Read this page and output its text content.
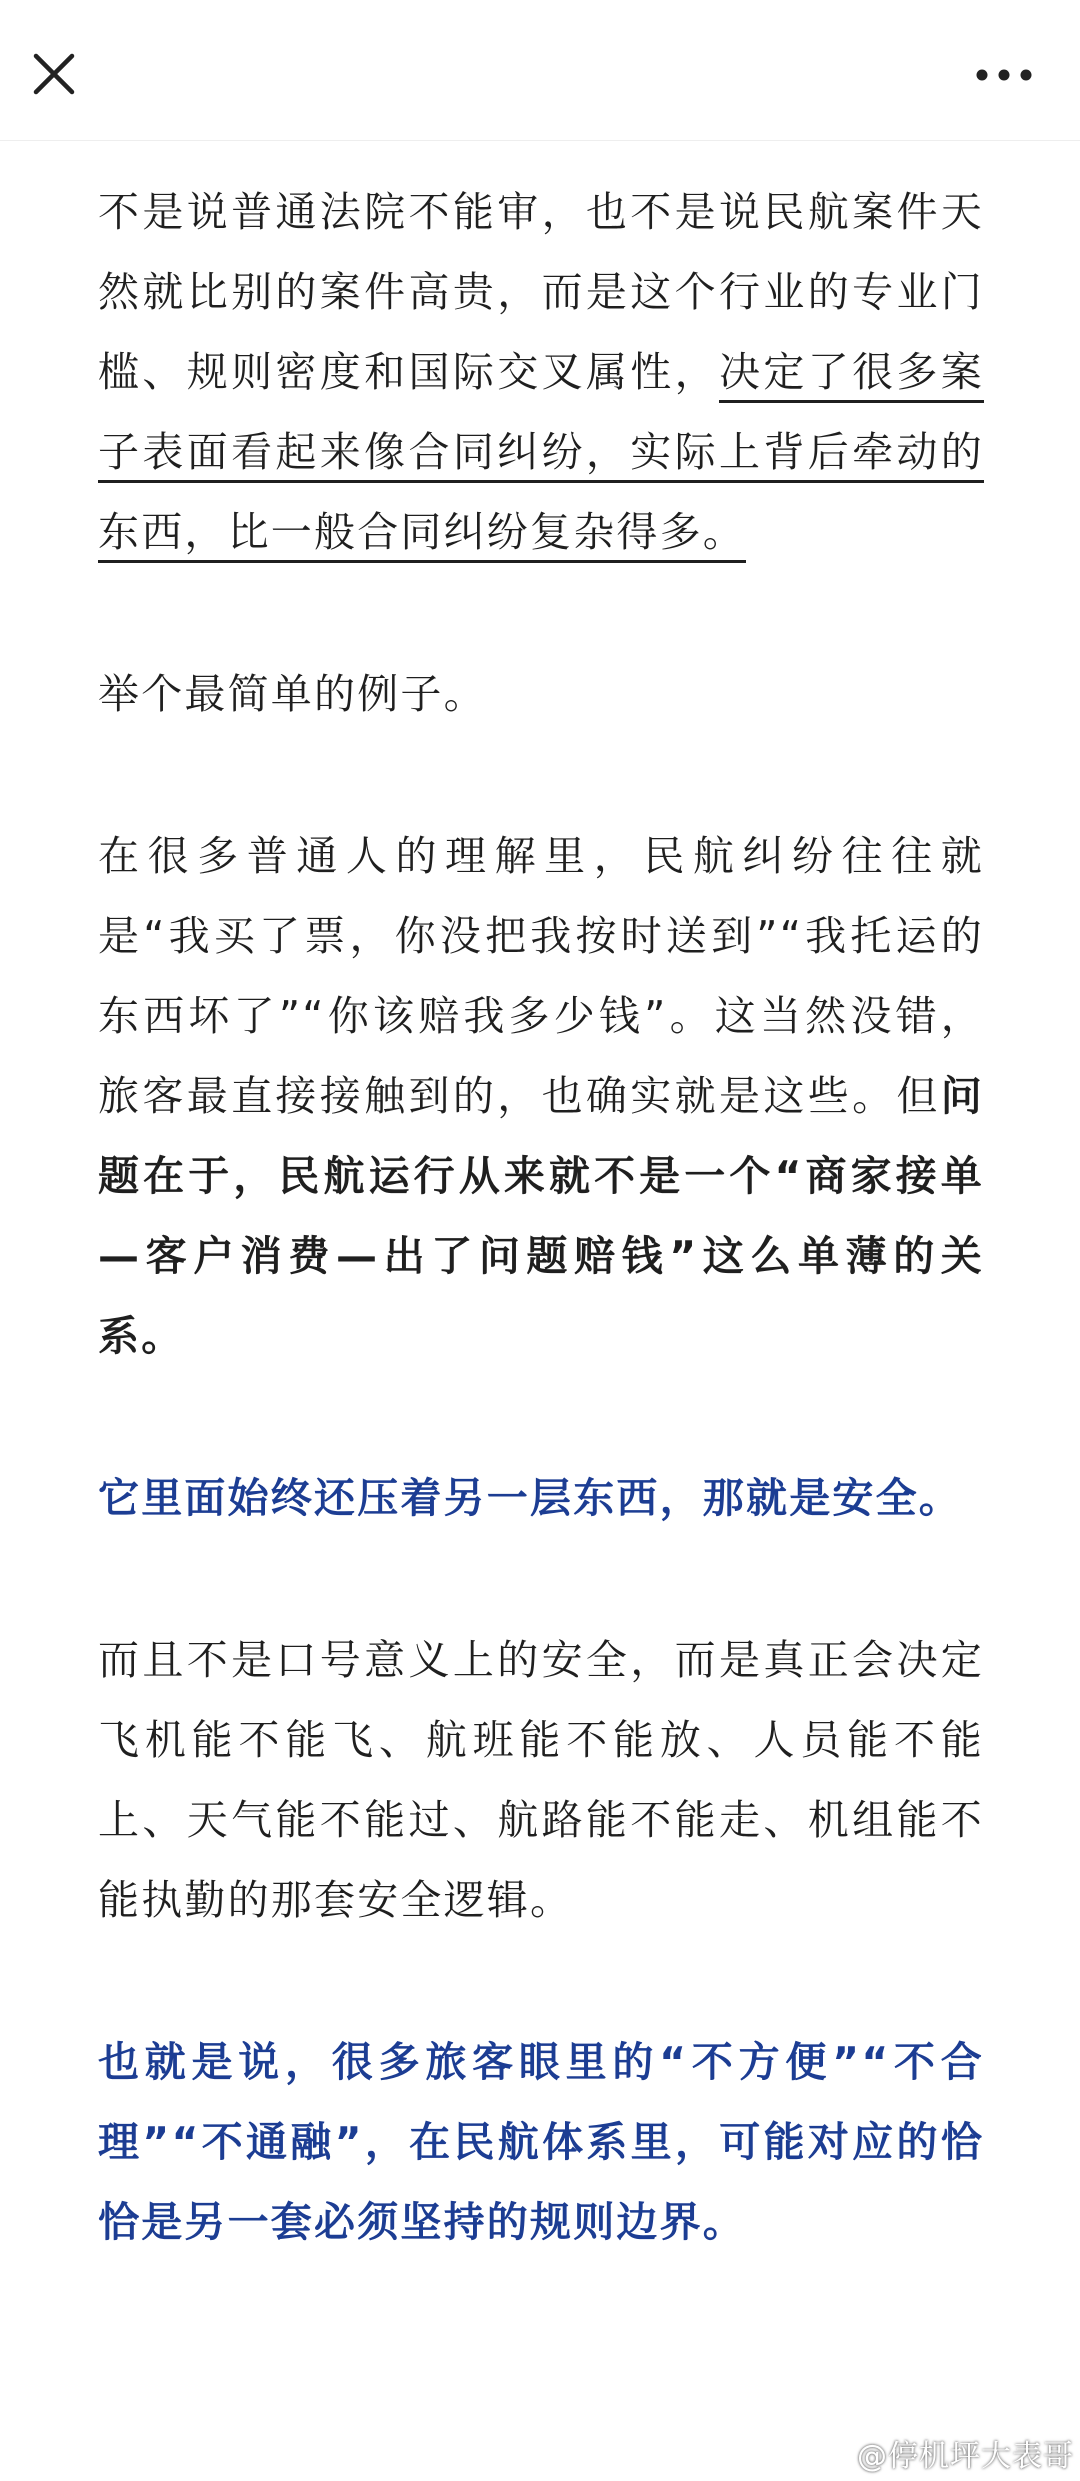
不是说普通法院不能审，也不是说民航案件天然就比别的案件高贵，而是这个行业的专业门槛、规则密度和国际交叉属性，决定了很多案子表面看起来像合同纠纷，实际上背后牵动的东西，比一般合同纠纷复杂得多。

举个最简单的例子。

在很多普通人的理解里，民航纠纷往往就是“我买了票，你没把我按时送到”“我托运的东西坏了”“你该赔我多少钱”。这当然没错，旅客最直接接触到的，也确实就是这些。但问题在于，民航运行从来就不是一个“商家接单—客户消费—出了问题赔钱”这么单薄的关系。

它里面始终还压着另一层东西，那就是安全。

而且不是口号意义上的安全，而是真正会决定飞机能不能飞、航班能不能放、人员能不能上、天气能不能过、航路能不能走、机组能不能执勤的那套安全逻辑。

也就是说，很多旅客眼里的“不方便”“不合理”“不通融”，在民航体系里，可能对应的恰恰是另一套必须坚持的规则边界。

@停机坪大表哥
